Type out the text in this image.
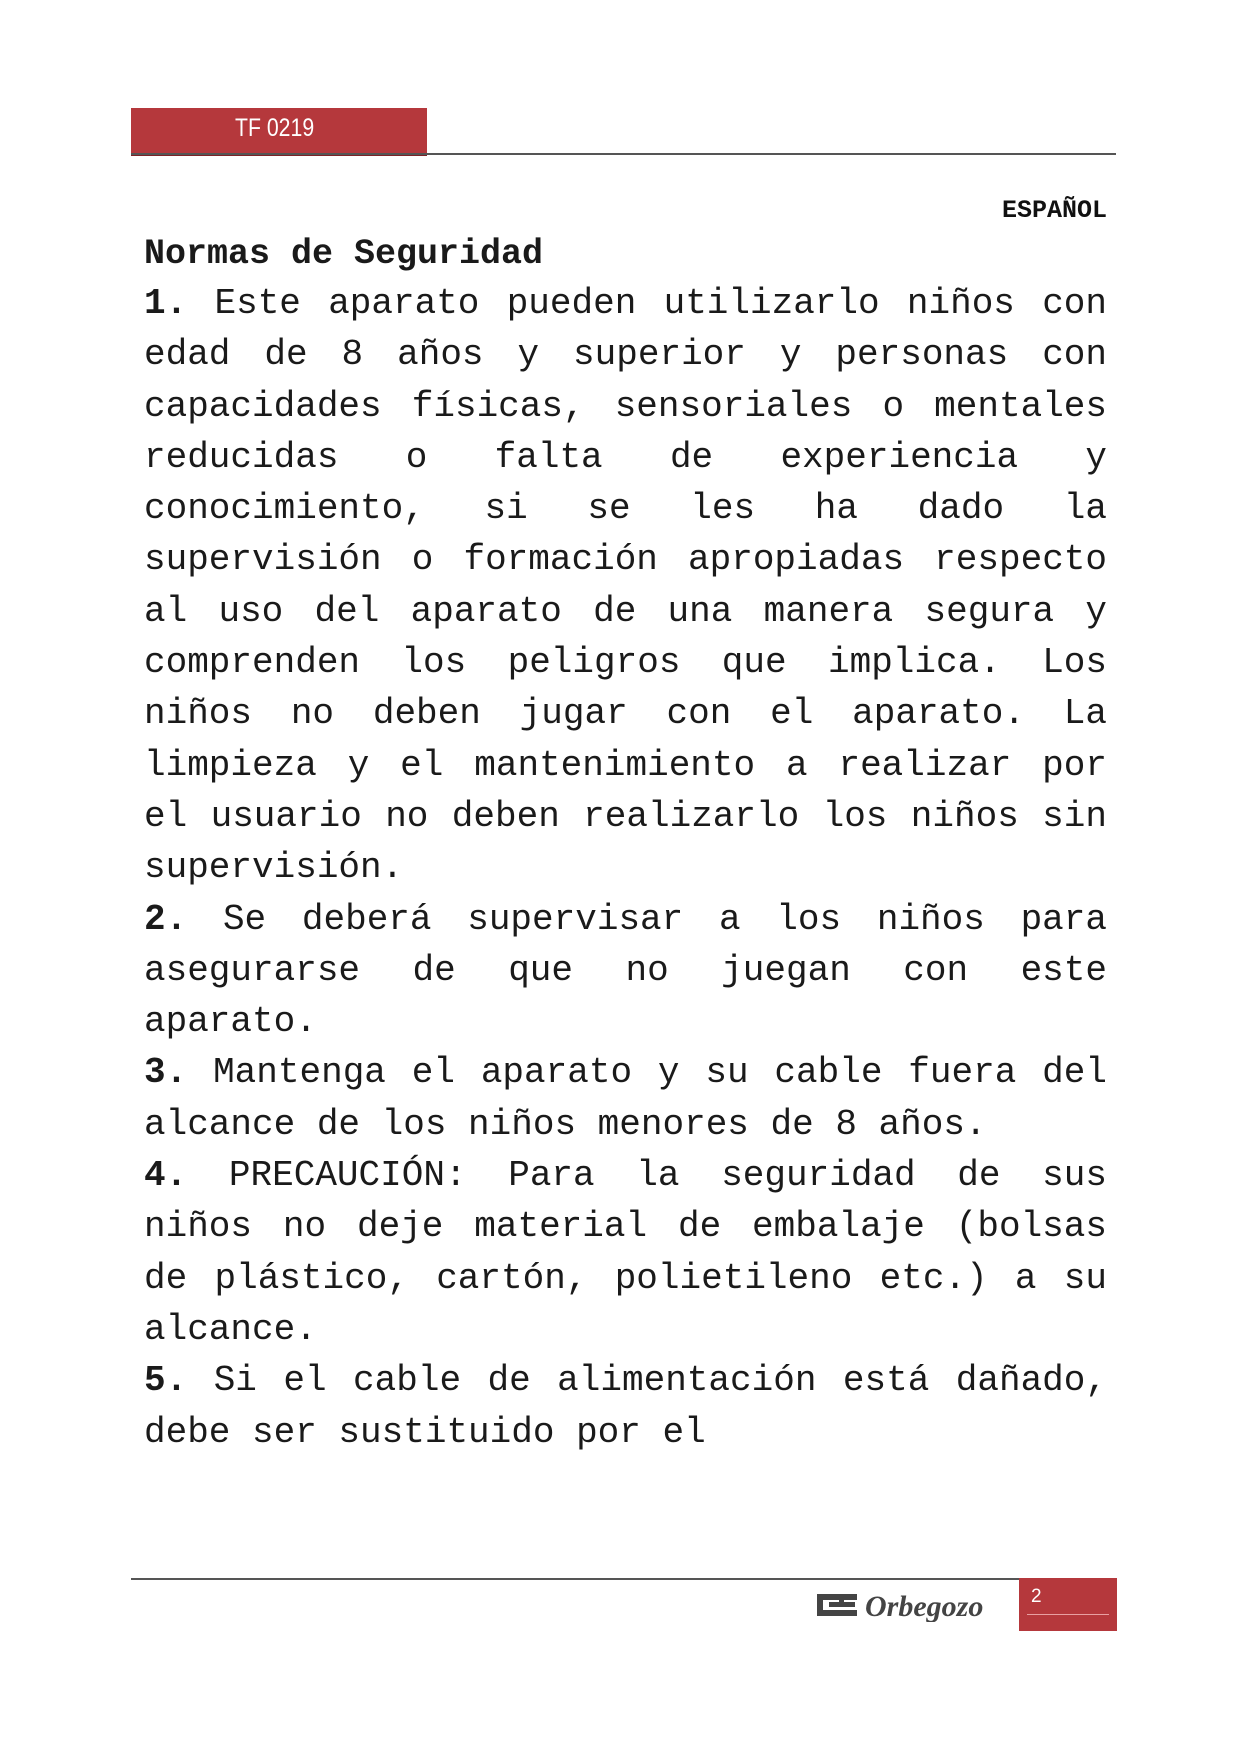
TF 0219
ESPAÑOL
Normas de Seguridad

1. Este aparato pueden utilizarlo niños con edad de 8 años y superior y personas con capacidades físicas, sensoriales o mentales reducidas o falta de experiencia y conocimiento, si se les ha dado la supervisión o formación apropiadas respecto al uso del aparato de una manera segura y comprenden los peligros que implica. Los niños no deben jugar con el aparato. La limpieza y el mantenimiento a realizar por el usuario no deben realizarlo los niños sin supervisión.

2. Se deberá supervisar a los niños para asegurarse de que no juegan con este aparato.

3. Mantenga el aparato y su cable fuera del alcance de los niños menores de 8 años.

4. PRECAUCIÓN: Para la seguridad de sus niños no deje material de embalaje (bolsas de plástico, cartón, polietileno etc.) a su alcance.

5. Si el cable de alimentación está dañado, debe ser sustituido por el

Orbegozo	2
